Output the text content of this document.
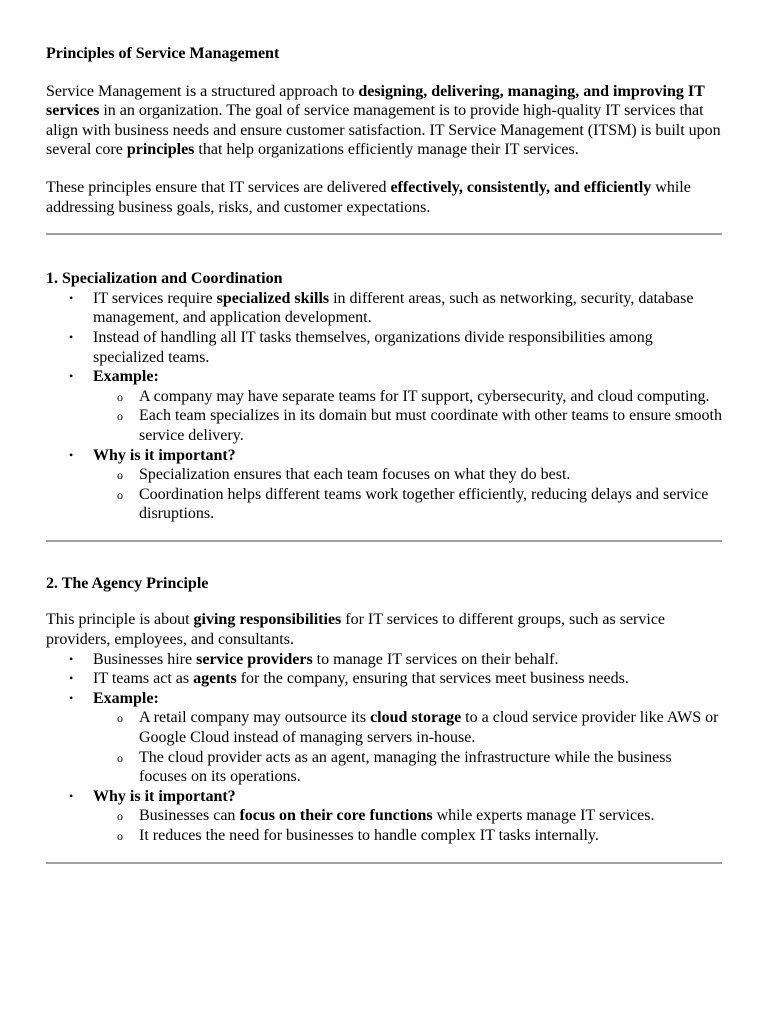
Principles of Service Management

Service Management is a structured approach to designing, delivering, managing, and improving IT services in an organization. The goal of service management is to provide high-quality IT services that align with business needs and ensure customer satisfaction. IT Service Management (ITSM) is built upon several core principles that help organizations efficiently manage their IT services.

These principles ensure that IT services are delivered effectively, consistently, and efficiently while addressing business goals, risks, and customer expectations.

1. Specialization and Coordination
• IT services require specialized skills in different areas, such as networking, security, database management, and application development.
• Instead of handling all IT tasks themselves, organizations divide responsibilities among specialized teams.
• Example:
o A company may have separate teams for IT support, cybersecurity, and cloud computing.
o Each team specializes in its domain but must coordinate with other teams to ensure smooth service delivery.
• Why is it important?
o Specialization ensures that each team focuses on what they do best.
o Coordination helps different teams work together efficiently, reducing delays and service disruptions.
2. The Agency Principle

This principle is about giving responsibilities for IT services to different groups, such as service providers, employees, and consultants.

• Businesses hire service providers to manage IT services on their behalf.
• IT teams act as agents for the company, ensuring that services meet business needs.
• Example:
o A retail company may outsource its cloud storage to a cloud service provider like AWS or Google Cloud instead of managing servers in-house.
o The cloud provider acts as an agent, managing the infrastructure while the business focuses on its operations.
• Why is it important?
o Businesses can focus on their core functions while experts manage IT services.
o It reduces the need for businesses to handle complex IT tasks internally.
